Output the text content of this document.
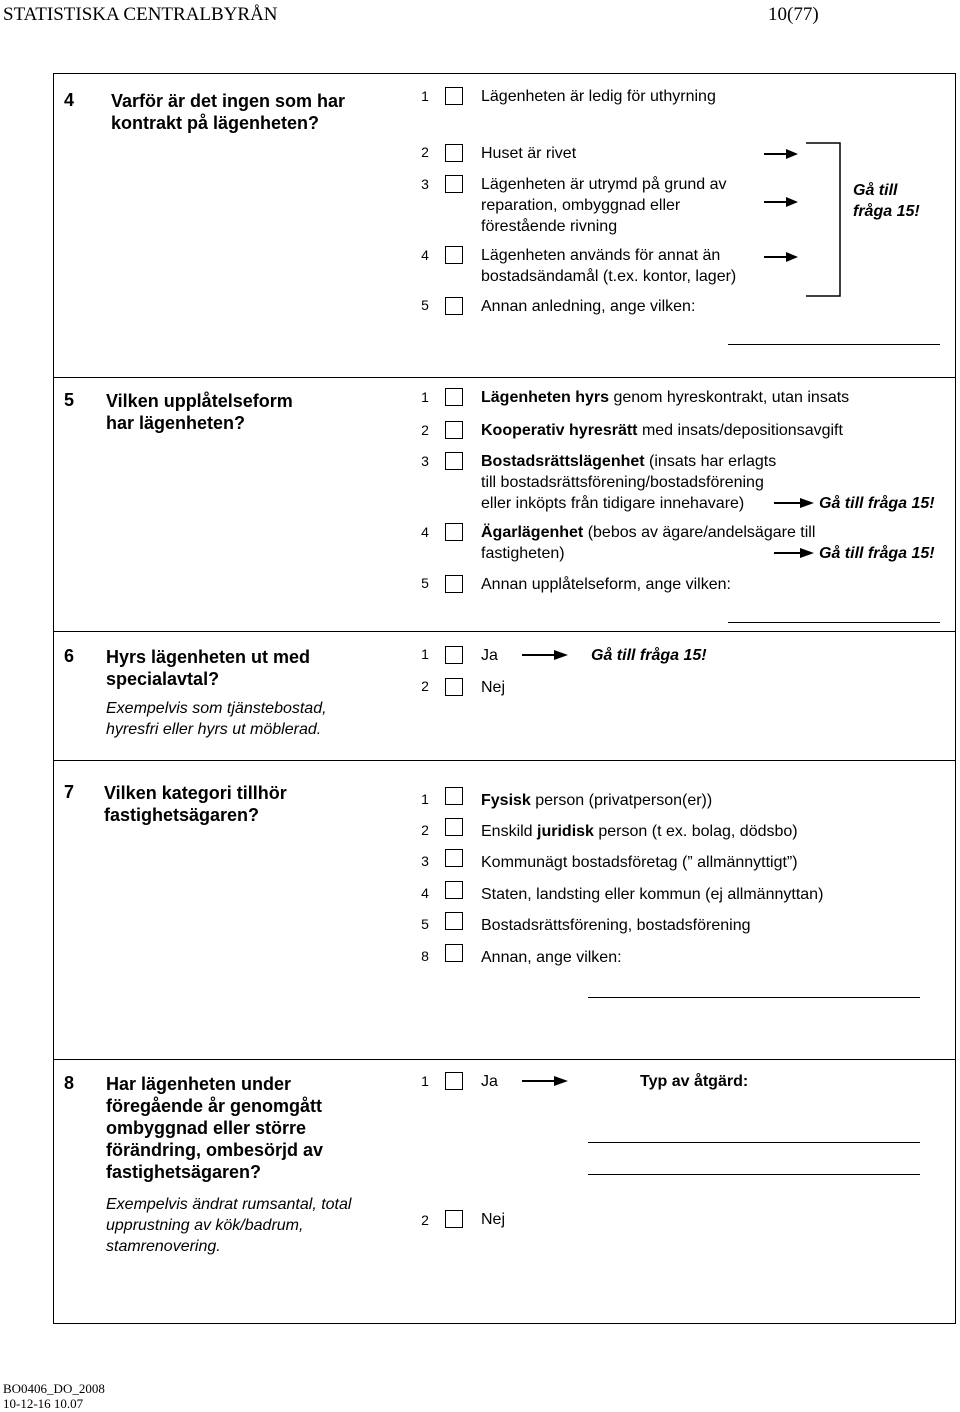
STATISTISKA CENTRALBYRÅN	10(77)
4 Varför är det ingen som har
kontrakt på lägenheten?
1	Lägenheten är ledig för uthyrning
2	Huset är rivet
3	Lägenheten är utrymd på grund av
reparation, ombyggnad eller
förestående rivning
4	Lägenheten används för annat än
bostadsändamål (t.ex. kontor, lager)
5	Annan anledning, ange vilken:
Gå till
fråga 15!
5 Vilken upplåtelseform
har lägenheten?
1	Lägenheten hyrs genom hyreskontrakt, utan insats
2	Kooperativ hyresrätt med insats/depositionsavgift
3	Bostadsrättslägenhet (insats har erlagts
till bostadsrättsförening/bostadsförening
eller inköpts från tidigare innehavare)	Gå till fråga 15!
4	Ägarlägenhet (bebos av ägare/andelsägare till
fastigheten)	Gå till fråga 15!
5	Annan upplåtelseform, ange vilken:
6 Hyrs lägenheten ut med
specialavtal?
Exempelvis som tjänstebostad,
hyresfri eller hyrs ut möblerad.
1	Ja	Gå till fråga 15!
2	Nej
7 Vilken kategori tillhör
fastighetsägaren?
1	Fysisk person (privatperson(er))
2	Enskild juridisk person (t ex. bolag, dödsbo)
3	Kommunägt bostadsföretag (” allmännyttigt”)
4	Staten, landsting eller kommun (ej allmännyttan)
5	Bostadsrättsförening, bostadsförening
8	Annan, ange vilken:
8 Har lägenheten under
föregående år genomgått
ombyggnad eller större
förändring, ombesörjd av
fastighetsägaren?
Exempelvis ändrat rumsantal, total
upprustning av kök/badrum,
stamrenovering.
1	Ja	Typ av åtgärd:
2	Nej
BO0406_DO_2008
10-12-16 10.07
